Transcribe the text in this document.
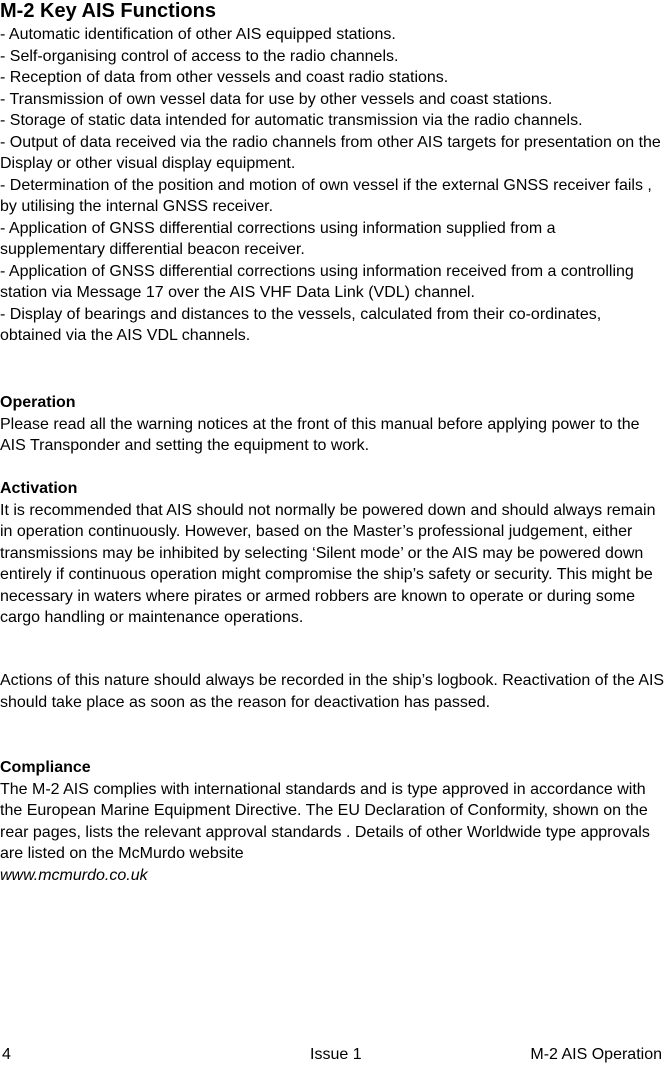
M-2 Key AIS Functions
- Automatic identification of other AIS equipped stations.
- Self-organising control of access to the radio channels.
- Reception of data from other vessels and coast radio stations.
- Transmission of own vessel data for use by other vessels and coast stations.
- Storage of static data intended for automatic transmission via the radio channels.
- Output of data received via the radio channels from other AIS targets for presentation on the Display or other visual display equipment.
- Determination of the position and motion of own vessel if the external GNSS receiver fails , by utilising the internal GNSS receiver.
- Application of GNSS differential corrections using information supplied from a supplementary differential beacon receiver.
- Application of GNSS differential corrections using information received from a controlling station via Message 17 over the AIS VHF Data Link (VDL) channel.
- Display of bearings and distances to the vessels, calculated from their co-ordinates, obtained via the AIS VDL channels.
Operation

Please read all the warning notices at the front of this manual before applying power to the AIS Transponder and setting the equipment to work.

Activation

It is recommended that AIS should not normally be powered down and should always remain in operation continuously. However, based on the Master’s professional judgement, either transmissions may be inhibited by selecting ‘Silent mode’ or the AIS may be powered down entirely if continuous operation might compromise the ship’s safety or security. This might be necessary in waters where pirates or armed robbers are known to operate or during some cargo handling or maintenance operations.

Actions of this nature should always be recorded in the ship’s logbook. Reactivation of the AIS should take place as soon as the reason for deactivation has passed.

Compliance

The M-2 AIS complies with international standards and is type approved in accordance with the European Marine Equipment Directive. The EU Declaration of Conformity, shown on the rear pages, lists the relevant approval standards . Details of other Worldwide type approvals are listed on the McMurdo website

www.mcmurdo.co.uk

4	Issue 1	M-2 AIS Operation
